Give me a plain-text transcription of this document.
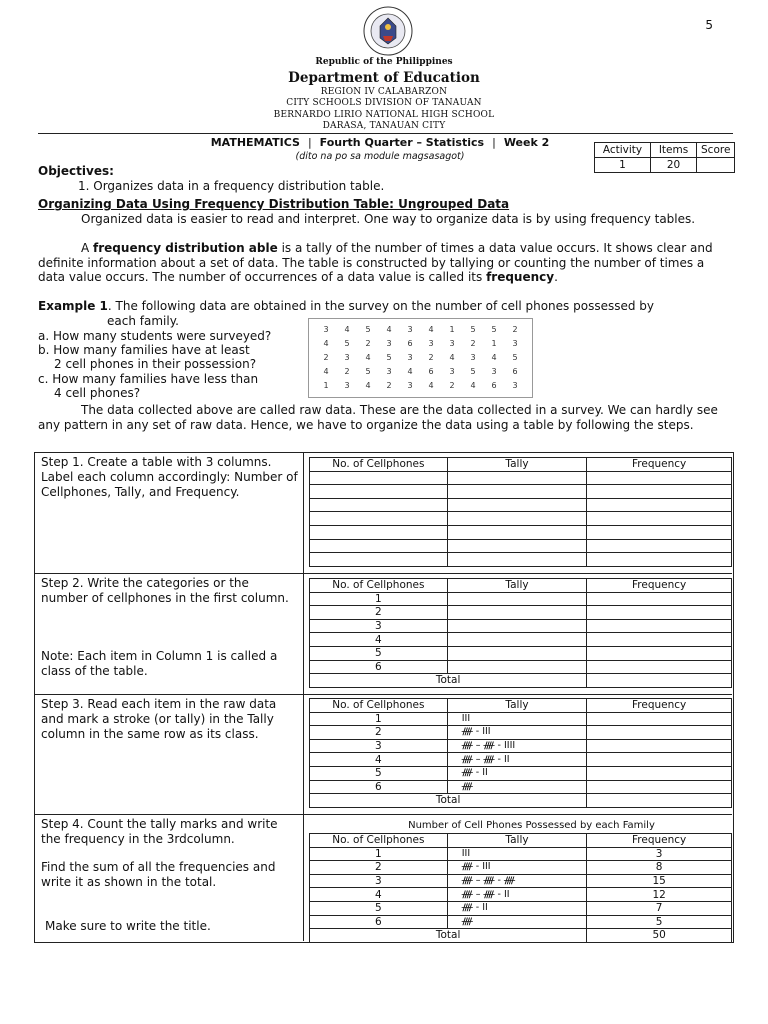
5
Republic of the Philippines
Department of Education
REGION IV CALABARZON
CITY SCHOOLS DIVISION OF TANAUAN
BERNARDO LIRIO NATIONAL HIGH SCHOOL
DARASA, TANAUAN CITY
MATHEMATICS | Fourth Quarter – Statistics | Week 2
(dito na po sa module magsasagot)
Activity	Items	Score
1	20	
Objectives:
1. Organizes data in a frequency distribution table.
Organizing Data Using Frequency Distribution Table: Ungrouped Data
Organized data is easier to read and interpret. One way to organize data is by using frequency tables.
A frequency distribution able is a tally of the number of times a data value occurs. It shows clear and definite information about a set of data. The table is constructed by tallying or counting the number of times a data value occurs. The number of occurrences of a data value is called its frequency.
Example 1. The following data are obtained in the survey on the number of cell phones possessed by
each family.
a. How many students were surveyed?
b. How many families have at least
2 cell phones in their possession?
c. How many families have less than
4 cell phones?
3	4	5	4	3	4	1	5	5	2
4	5	2	3	6	3	3	2	1	3
2	3	4	5	3	2	4	3	4	5
4	2	5	3	4	6	3	5	3	6
1	3	4	2	3	4	2	4	6	3
The data collected above are called raw data. These are the data collected in a survey. We can hardly see any pattern in any set of raw data. Hence, we have to organize the data using a table by following the steps.
Step 1. Create a table with 3 columns. Label each column accordingly: Number of Cellphones, Tally, and Frequency.
No. of Cellphones	Tally	Frequency

Step 2. Write the categories or the number of cellphones in the first column.
Note: Each item in Column 1 is called a class of the table.
No. of Cellphones	Tally	Frequency
1		
2		
3		
4		
5		
6		
Total		
Step 3. Read each item in the raw data and mark a stroke (or tally) in the Tally column in the same row as its class.
No. of Cellphones	Tally	Frequency
1	III	
2	ᚎ - III	
3	ᚎ – ᚎ - IIII	
4	ᚎ – ᚎ - II	
5	ᚎ - II	
6	ᚎ	
Total		
Step 4. Count the tally marks and write the frequency in the 3rdcolumn.
Find the sum of all the frequencies and write it as shown in the total.
Make sure to write the title.
Number of Cell Phones Possessed by each Family
No. of Cellphones	Tally	Frequency
1	III	3
2	ᚎ - III	8
3	ᚎ – ᚎ - ᚎ	15
4	ᚎ – ᚎ - II	12
5	ᚎ - II	7
6	ᚎ	5
Total		50
